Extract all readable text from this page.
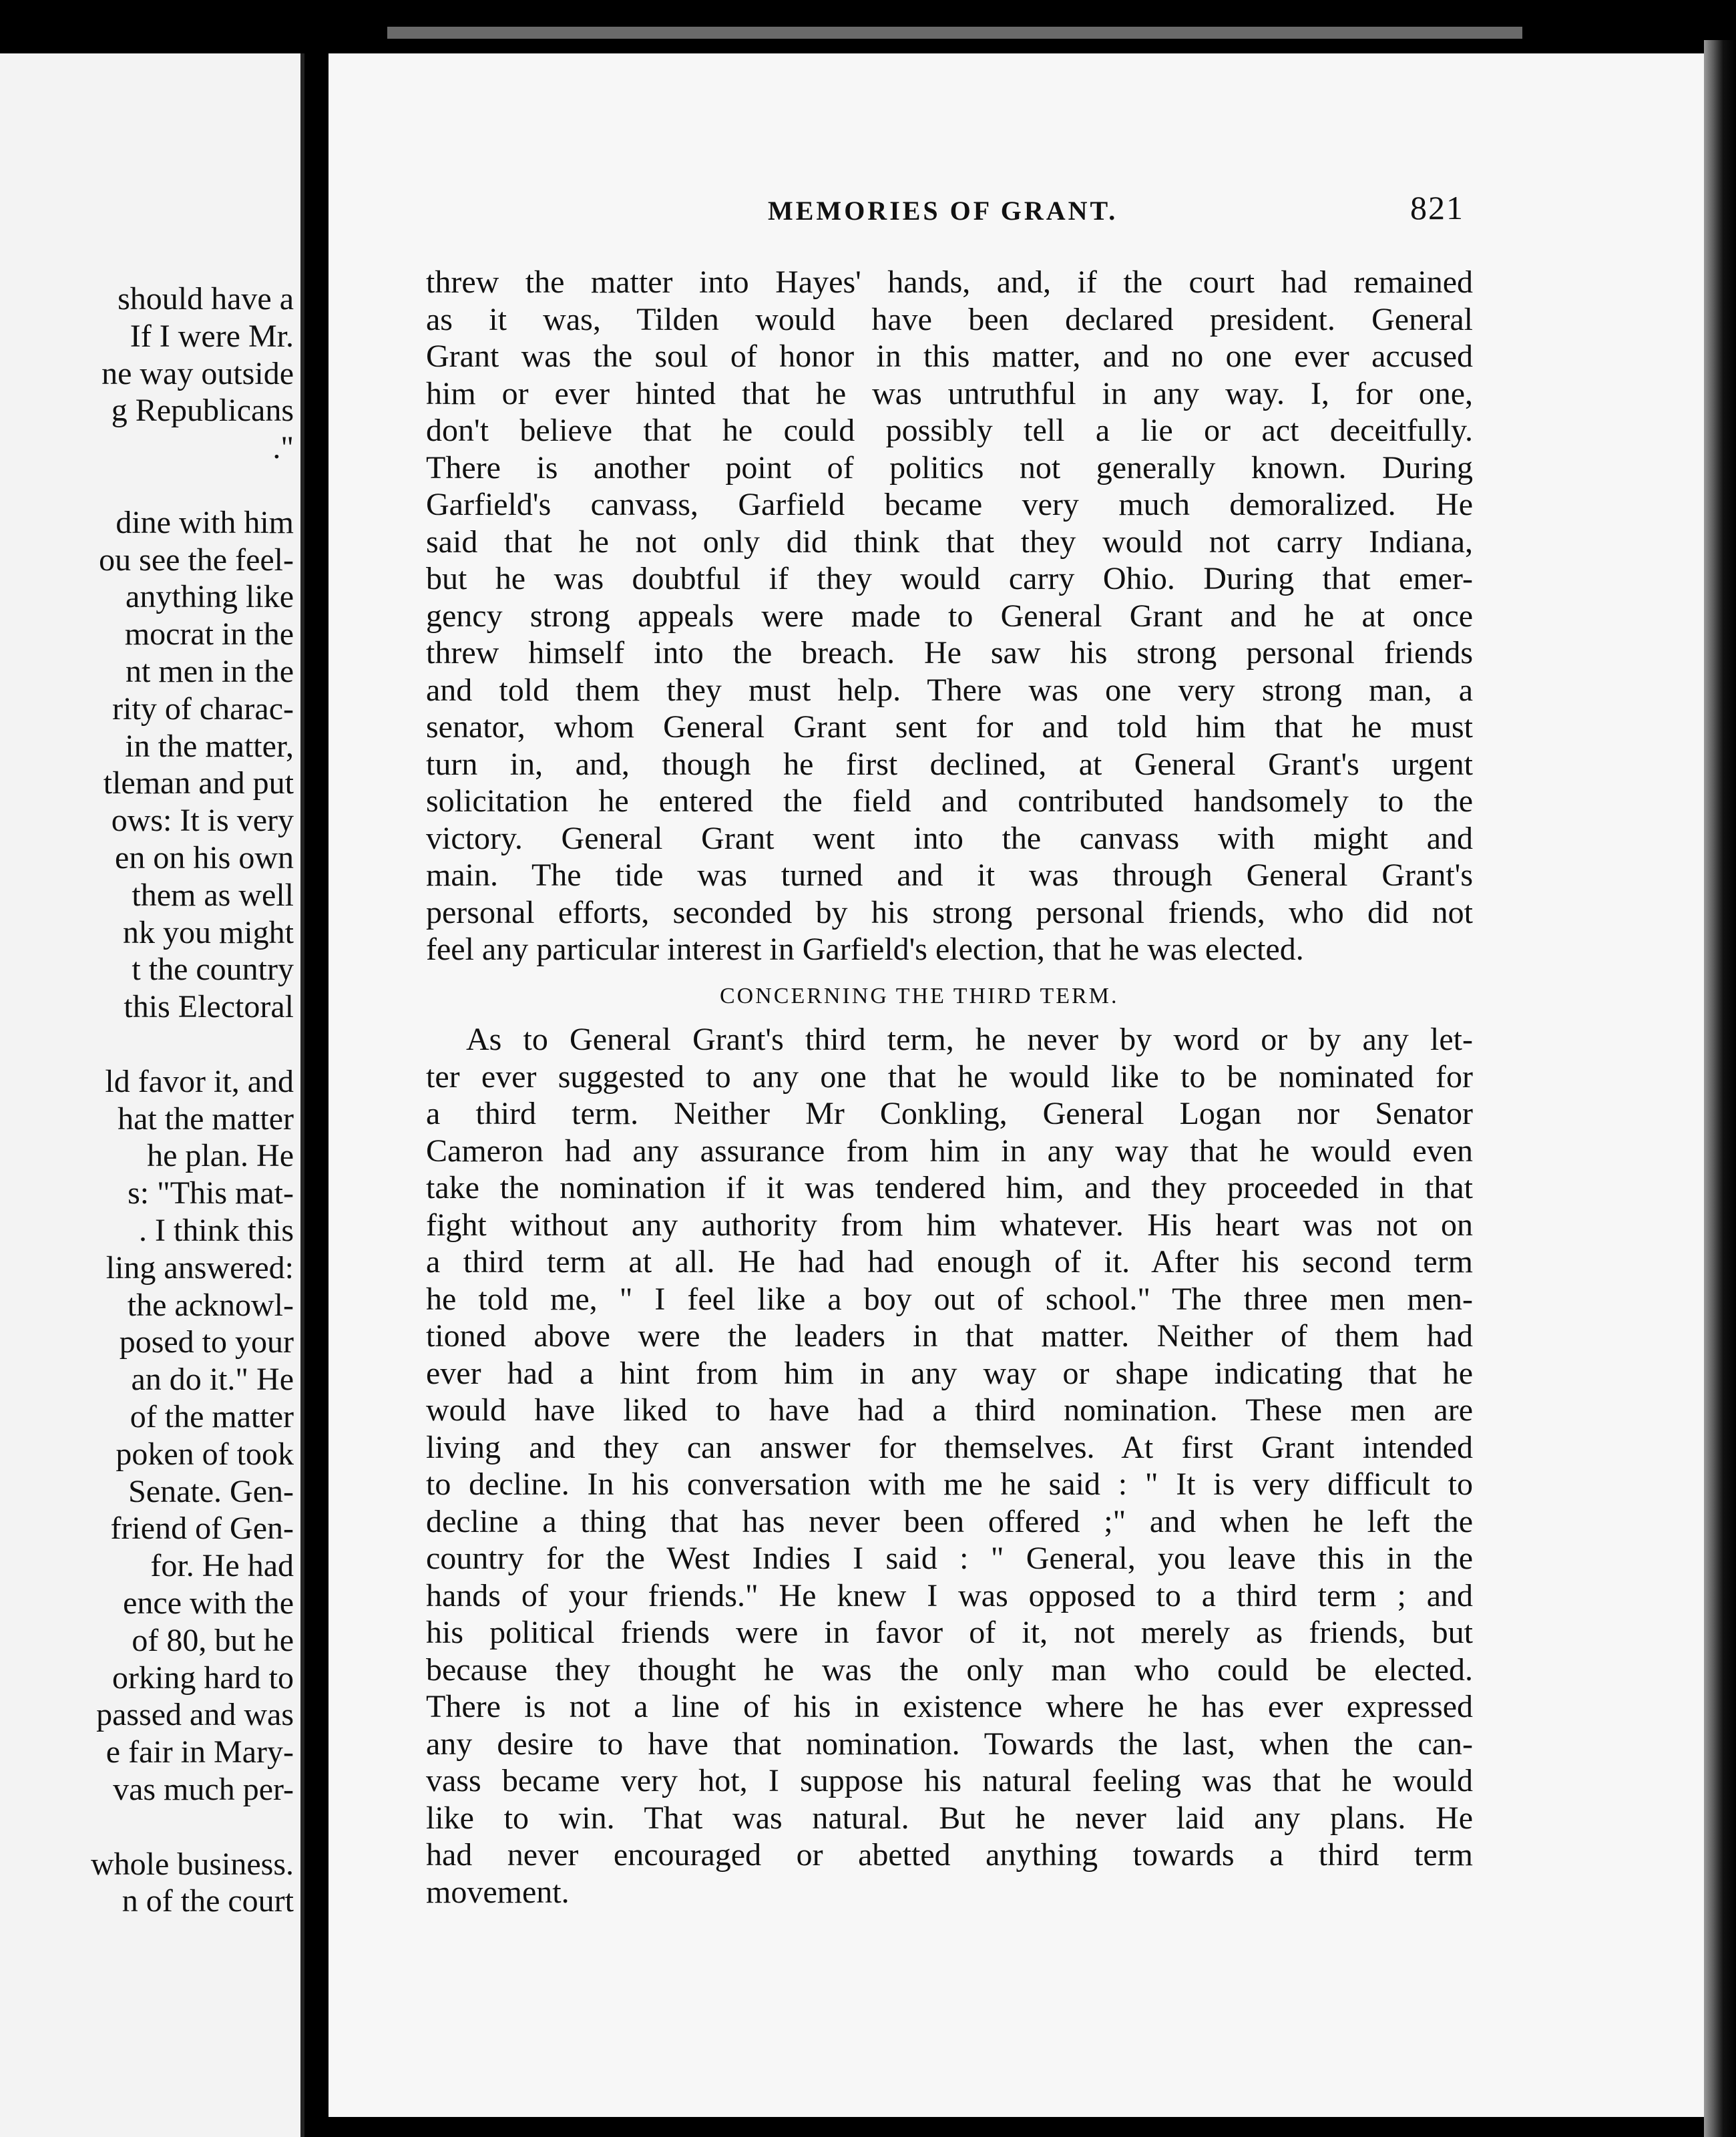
should have a
If I were Mr.
ne way outside
g Republicans
."
dine with him
ou see the feel-
anything like
mocrat in the
nt men in the
rity of charac-
in the matter,
tleman and put
ows: It is very
en on his own
them as well
nk you might
t the country
this Electoral
ld favor it, and
hat the matter
he plan. He
s: "This mat-
. I think this
ling answered:
the acknowl-
posed to your
an do it." He
of the matter
poken of took
Senate. Gen-
friend of Gen-
for. He had
ence with the
of 80, but he
orking hard to
passed and was
e fair in Mary-
vas much per-
whole business.
n of the court
MEMORIES OF GRANT.	821
threw the matter into Hayes' hands, and, if the court had remained
as it was, Tilden would have been declared president. General
Grant was the soul of honor in this matter, and no one ever accused
him or ever hinted that he was untruthful in any way. I, for one,
don't believe that he could possibly tell a lie or act deceitfully.
There is another point of politics not generally known. During
Garfield's canvass, Garfield became very much demoralized. He
said that he not only did think that they would not carry Indiana,
but he was doubtful if they would carry Ohio. During that emer-
gency strong appeals were made to General Grant and he at once
threw himself into the breach. He saw his strong personal friends
and told them they must help. There was one very strong man, a
senator, whom General Grant sent for and told him that he must
turn in, and, though he first declined, at General Grant's urgent
solicitation he entered the field and contributed handsomely to the
victory. General Grant went into the canvass with might and
main. The tide was turned and it was through General Grant's
personal efforts, seconded by his strong personal friends, who did not
feel any particular interest in Garfield's election, that he was elected.
CONCERNING THE THIRD TERM.
As to General Grant's third term, he never by word or by any let-
ter ever suggested to any one that he would like to be nominated for
a third term. Neither Mr Conkling, General Logan nor Senator
Cameron had any assurance from him in any way that he would even
take the nomination if it was tendered him, and they proceeded in that
fight without any authority from him whatever. His heart was not on
a third term at all. He had had enough of it. After his second term
he told me, " I feel like a boy out of school." The three men men-
tioned above were the leaders in that matter. Neither of them had
ever had a hint from him in any way or shape indicating that he
would have liked to have had a third nomination. These men are
living and they can answer for themselves. At first Grant intended
to decline. In his conversation with me he said : " It is very difficult to
decline a thing that has never been offered ;" and when he left the
country for the West Indies I said : " General, you leave this in the
hands of your friends." He knew I was opposed to a third term ; and
his political friends were in favor of it, not merely as friends, but
because they thought he was the only man who could be elected.
There is not a line of his in existence where he has ever expressed
any desire to have that nomination. Towards the last, when the can-
vass became very hot, I suppose his natural feeling was that he would
like to win. That was natural. But he never laid any plans. He
had never encouraged or abetted anything towards a third term
movement.
